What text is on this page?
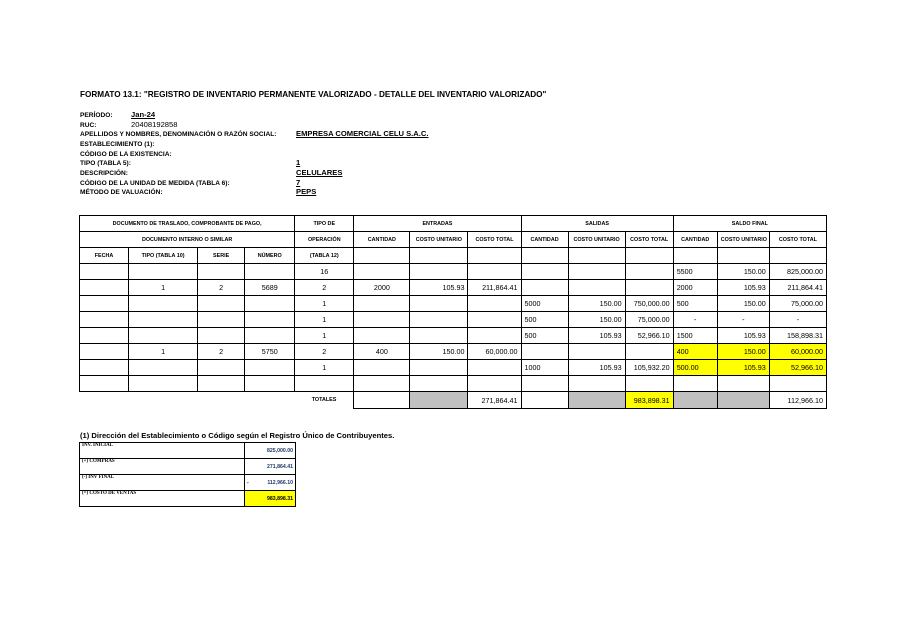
FORMATO 13.1: "REGISTRO DE INVENTARIO PERMANENTE VALORIZADO - DETALLE DEL INVENTARIO VALORIZADO"
PERÍODO: Jan-24
RUC:	20408192858
APELLIDOS Y NOMBRES, DENOMINACIÓN O RAZÓN SOCIAL:	EMPRESA COMERCIAL CELU S.A.C.
ESTABLECIMIENTO (1):
CÓDIGO DE LA EXISTENCIA:
TIPO (TABLA 5):	1
DESCRIPCIÓN:	CELULARES
CÓDIGO DE LA UNIDAD DE MEDIDA (TABLA 6):	7
MÉTODO DE VALUACIÓN:	PEPS
DOCUMENTO DE TRASLADO, COMPROBANTE DE PAGO,				TIPO DE	ENTRADAS			SALIDAS			SALDO FINAL		
DOCUMENTO INTERNO O SIMILAR				OPERACIÓN	CANTIDAD	COSTO UNITARIO	COSTO TOTAL	CANTIDAD	COSTO UNITARIO	COSTO TOTAL	CANTIDAD	COSTO UNITARIO	COSTO TOTAL
FECHA	TIPO (TABLA 10)	SERIE	NÚMERO	(TABLA 12)									
				16							5500	150.00	825,000.00
	1	2	5689	2	2000	105.93	211,864.41				2000	105.93	211,864.41
				1				5000	150.00	750,000.00	500	150.00	75,000.00
				1				500	150.00	75,000.00	-	-	-
				1				500	105.93	52,966.10	1500	105.93	158,898.31
	1	2	5750	2	400	150.00	60,000.00				400	150.00	60,000.00
				1				1000	105.93	105,932.20	500.00	105.93	52,966.10

				TOTALES			271,864.41			983,898.31			112,966.10
(1) Dirección del Establecimiento o Código según el Registro Único de Contribuyentes.
INV. INICIAL	825,000.00
(+) COMPRAS	271,864.41
(-) INV FINAL	- 112,966.10
(=) COSTO DE VENTAS	983,898.31
